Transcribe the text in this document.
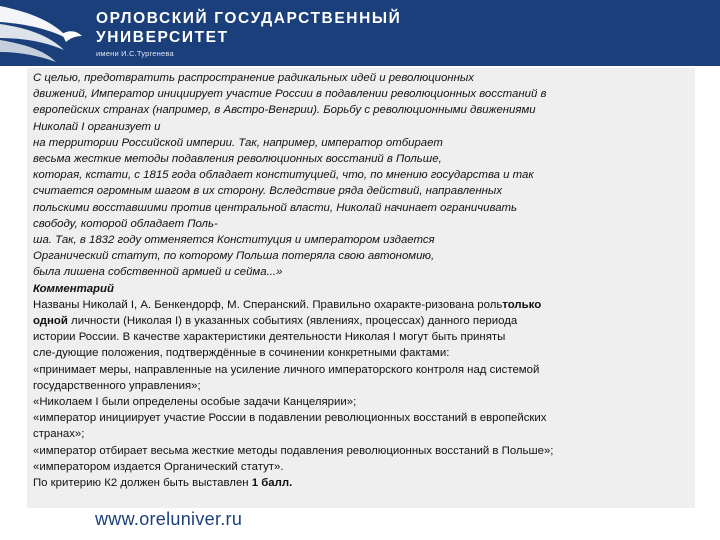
ОРЛОВСКИЙ ГОСУДАРСТВЕННЫЙ
УНИВЕРСИТЕТ
имени И.С.Тургенева

С целью, предотвратить распространение радикальных идей и революционных

движений, Император инициирует участие России в подавлении революционных восстаний в

европейских странах (например, в Австро-Венгрии). Борьбу с революционными движениями

Николай I организует и

на территории Российской империи. Так, например, император отбирает

весьма жесткие методы подавления революционных восстаний в Польше,

которая, кстати, с 1815 года обладает конституцией, что, по мнению государства и так

считается огромным шагом в их сторону. Вследствие ряда действий, направленных

польскими восставшими против центральной власти, Николай начинает ограничивать

свободу, которой обладает Поль-

ша. Так, в 1832 году отменяется Конституция и императором издается

Органический статут, по которому Польша потеряла свою автономию,

была лишена собственной армией и сейма...»

Комментарий

Названы Николай I, А. Бенкендорф, М. Сперанский. Правильно охаракте-ризована рольтолько

одной личности (Николая I) в указанных событиях (явлениях, процессах) данного периода

истории России. В качестве характеристики деятельности Николая I могут быть приняты

сле-дующие положения, подтверждённые в сочинении конкретными фактами:

«принимает меры, направленные на усиление личного императорского контроля над системой

государственного управления»;

«Николаем I были определены особые задачи Канцелярии»;

«император инициирует участие России в подавлении революционных восстаний в европейских

странах»;

«император отбирает весьма жесткие методы подавления революционных восстаний в Польше»;

«императором издается Органический статут».

По критерию К2 должен быть выставлен 1 балл.

www.oreluniver.ru
